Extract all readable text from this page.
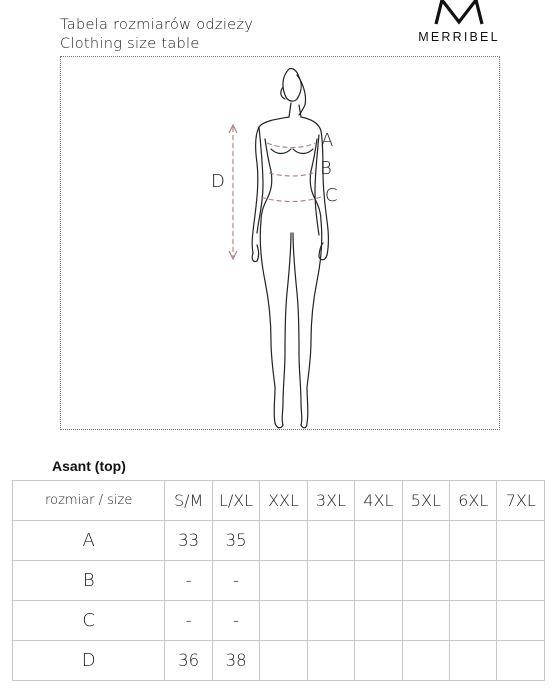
Tabela rozmiarów odzieży
Clothing size table	MERRIBEL
A
B
C
D
Asant (top)
rozmiar / size	S/M	L/XL	XXL	3XL	4XL	5XL	6XL	7XL
A	33	35						
B	-	-						
C	-	-						
D	36	38						
